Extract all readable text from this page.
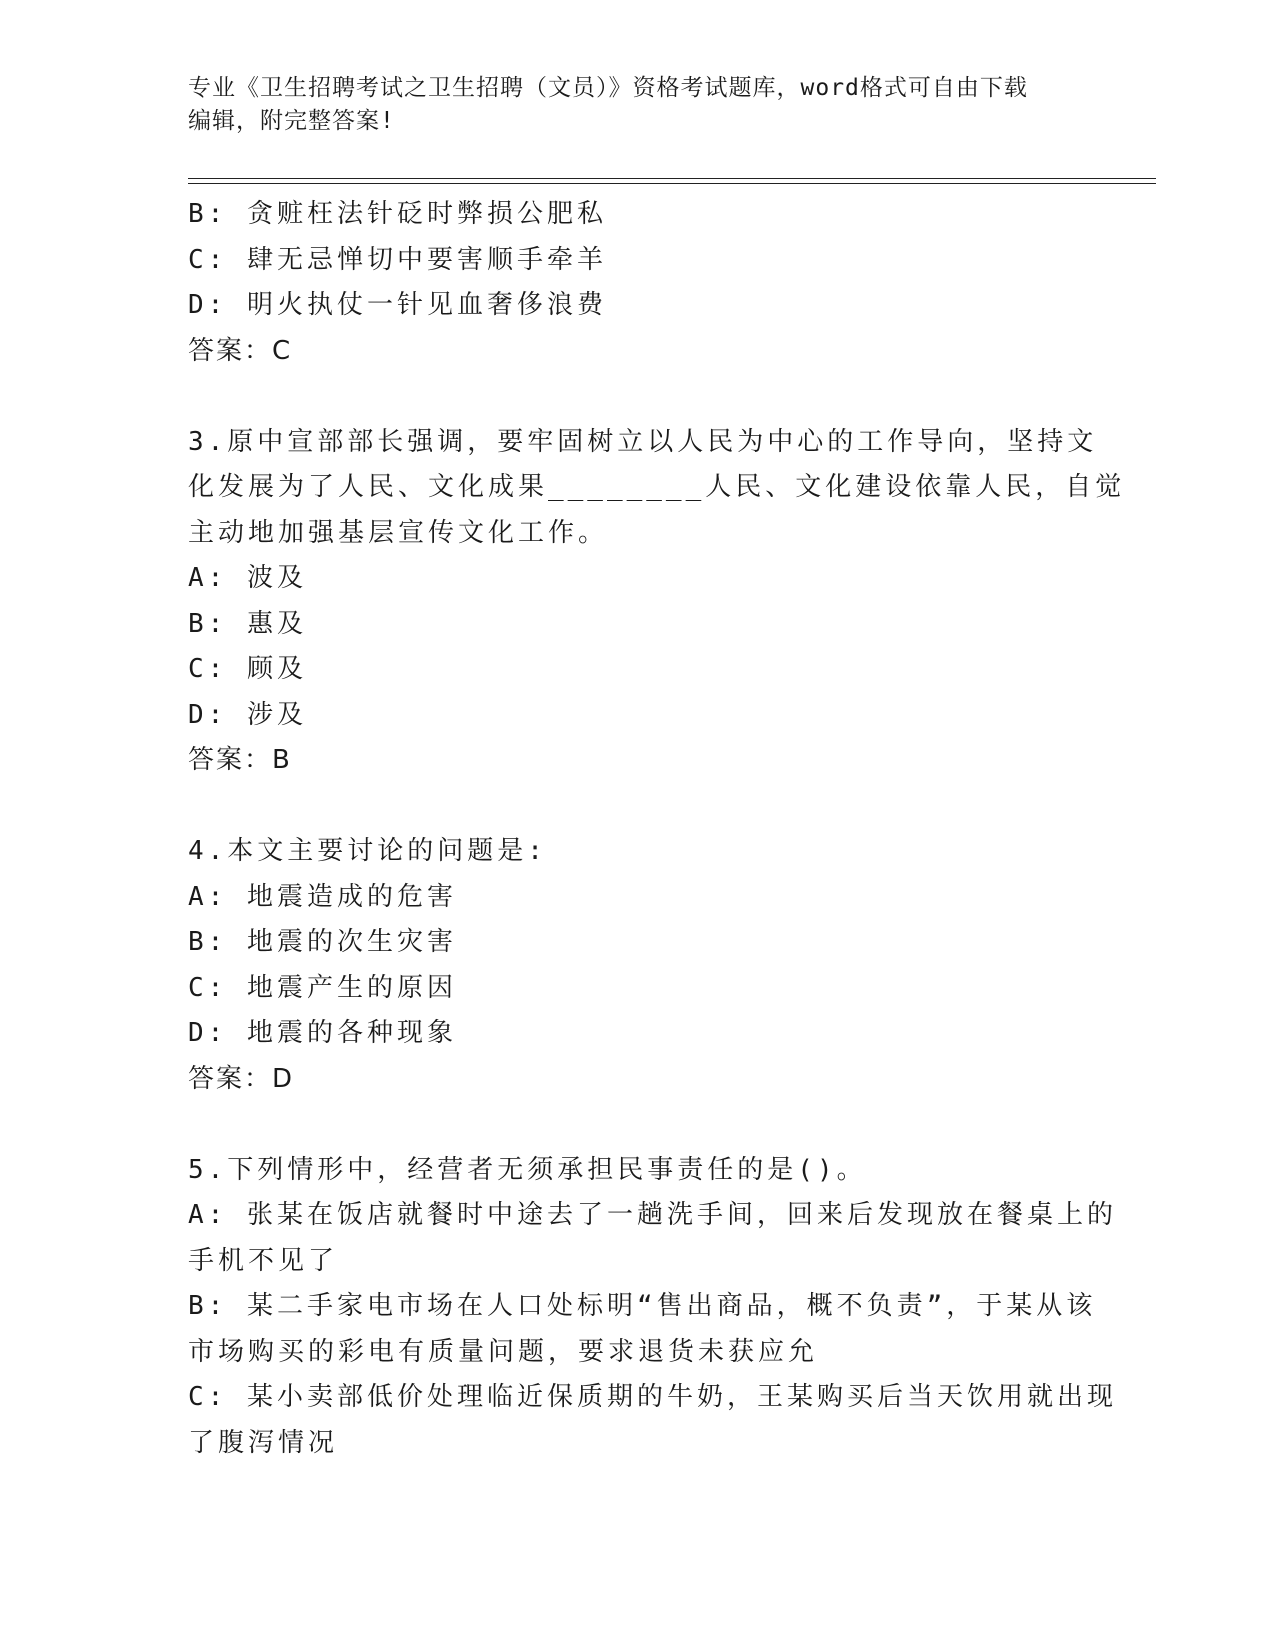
专业《卫生招聘考试之卫生招聘（文员）》资格考试题库，word格式可自由下载
编辑，附完整答案!
B: 贪赃枉法针砭时弊损公肥私
C: 肆无忌惮切中要害顺手牵羊
D: 明火执仗一针见血奢侈浪费
答案：C
3.原中宣部部长强调，要牢固树立以人民为中心的工作导向，坚持文
化发展为了人民、文化成果________人民、文化建设依靠人民，自觉
主动地加强基层宣传文化工作。
A: 波及
B: 惠及
C: 顾及
D: 涉及
答案：B
4.本文主要讨论的问题是:
A: 地震造成的危害
B: 地震的次生灾害
C: 地震产生的原因
D: 地震的各种现象
答案：D
5.下列情形中，经营者无须承担民事责任的是()。
A: 张某在饭店就餐时中途去了一趟洗手间，回来后发现放在餐桌上的
手机不见了
B: 某二手家电市场在人口处标明“售出商品，概不负责”，于某从该
市场购买的彩电有质量问题，要求退货未获应允
C: 某小卖部低价处理临近保质期的牛奶，王某购买后当天饮用就出现
了腹泻情况
